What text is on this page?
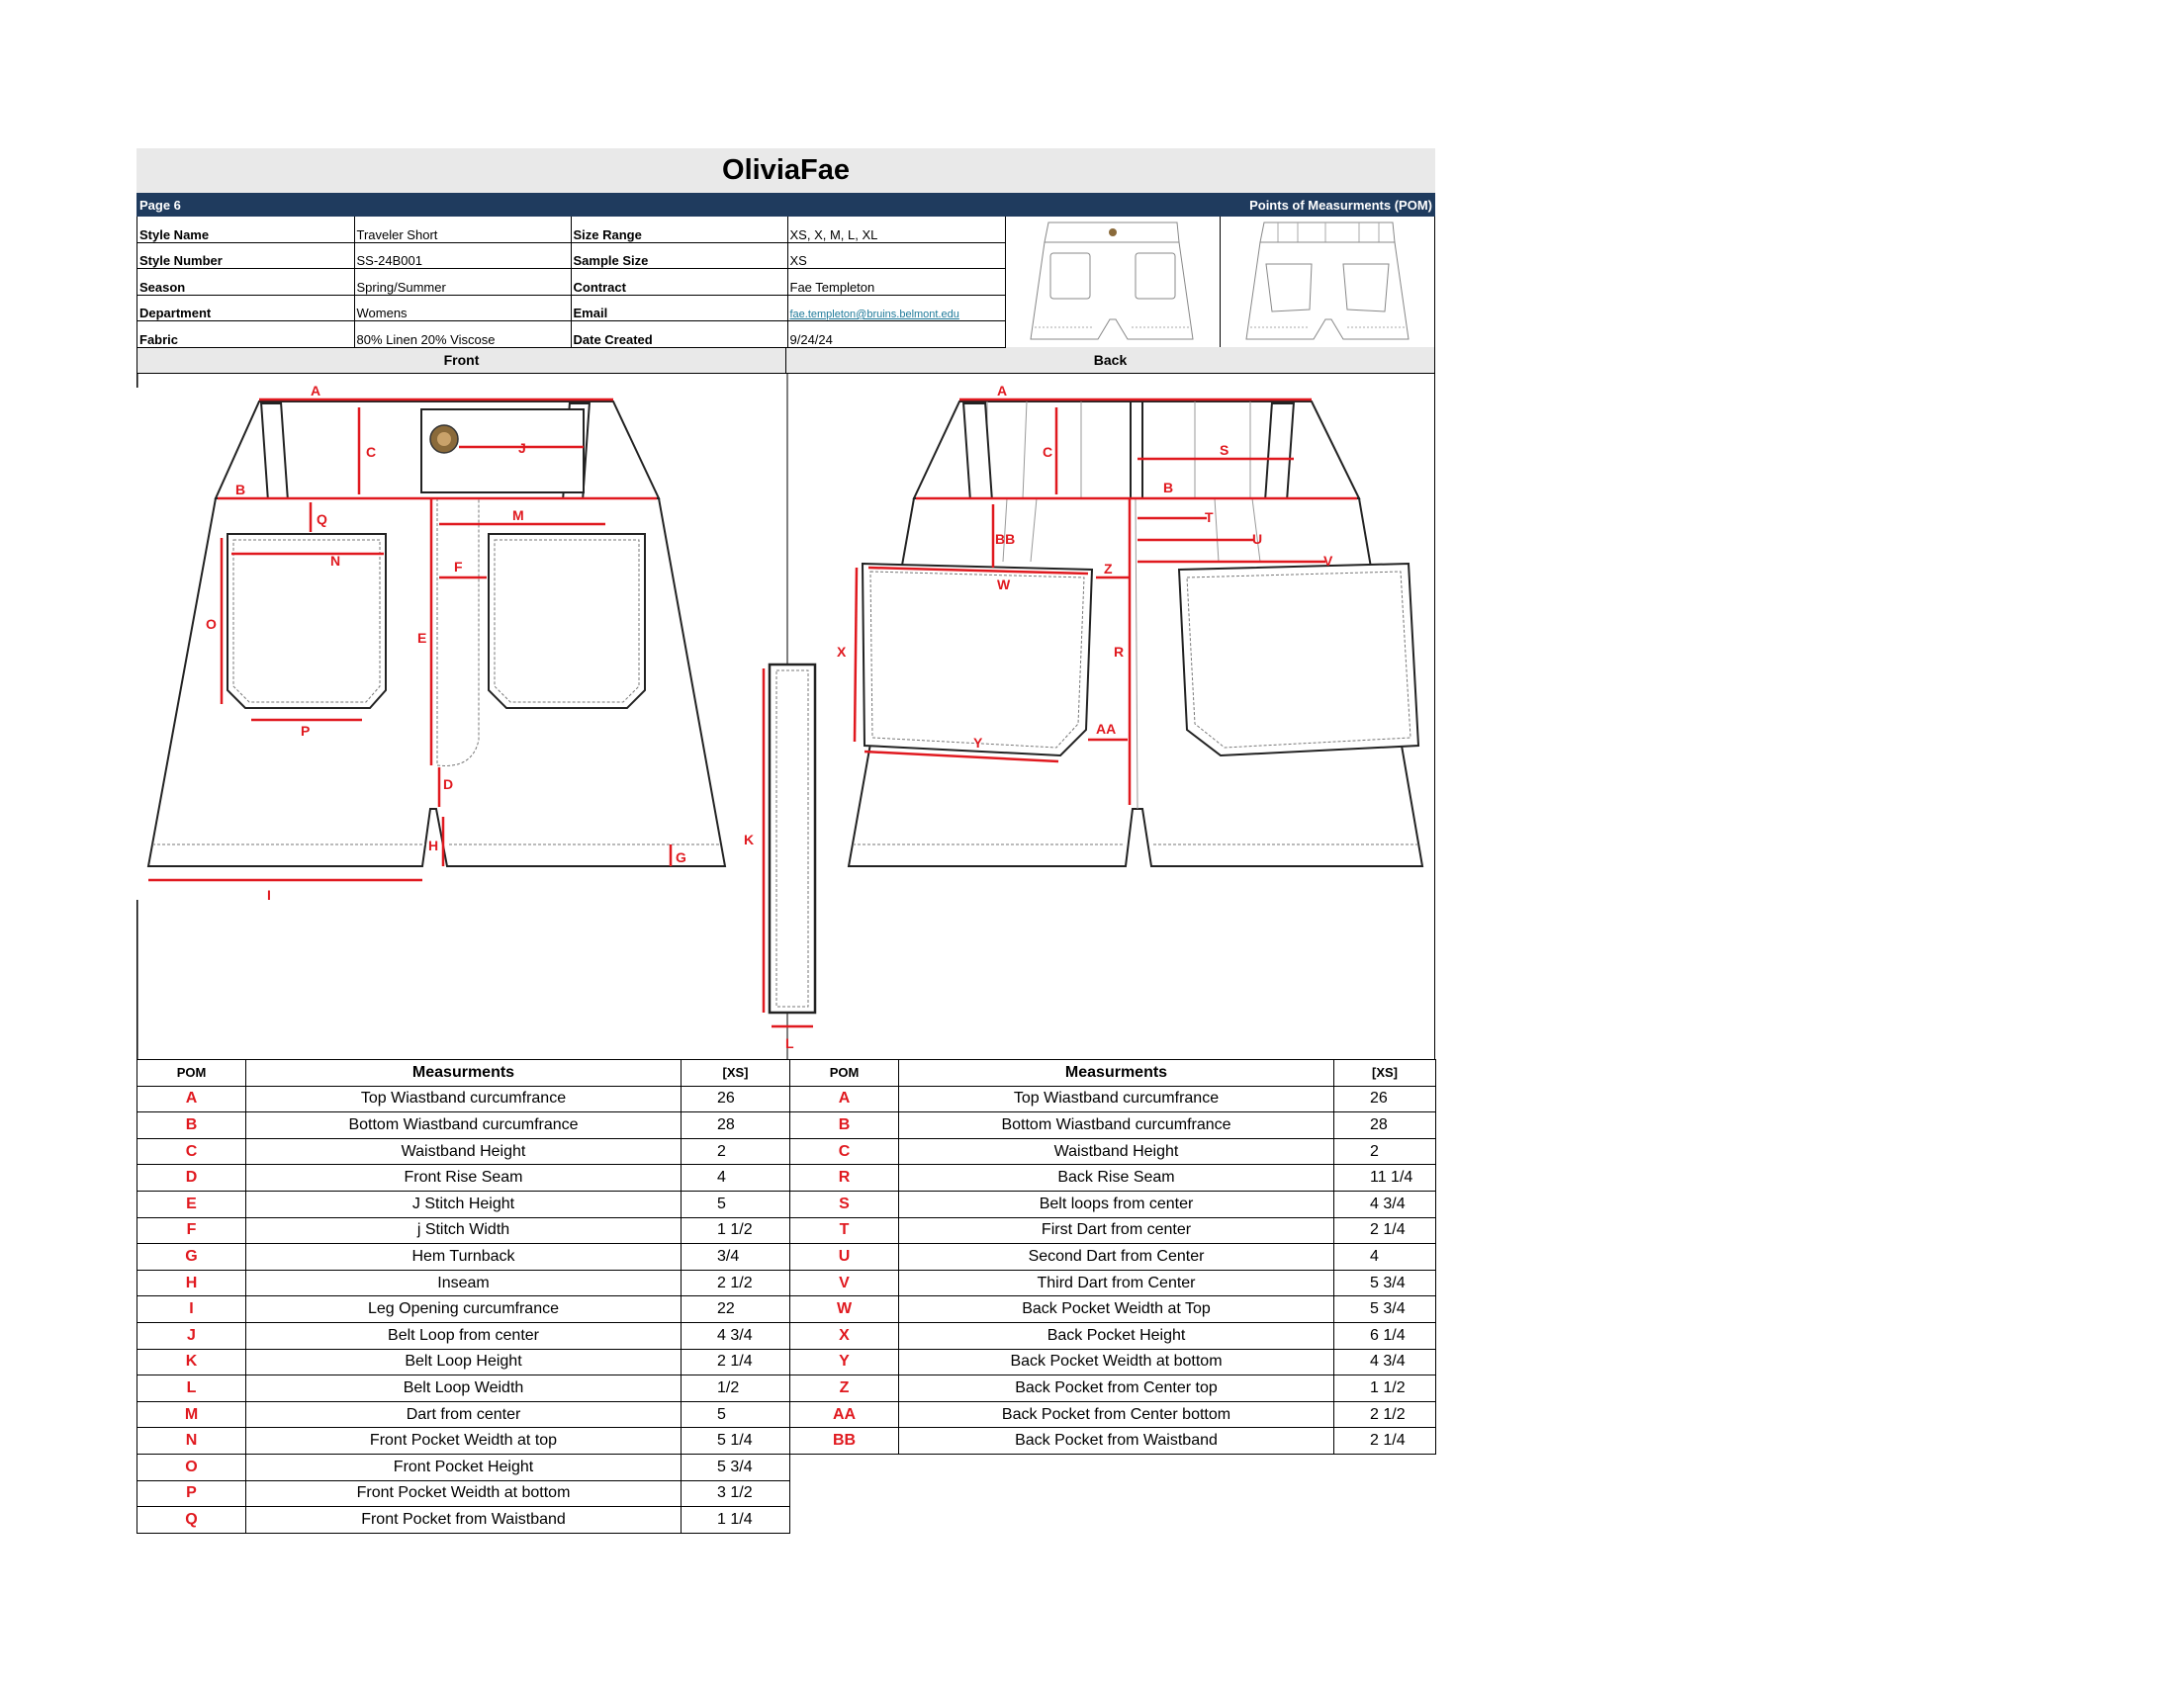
OliviaFae
Page 6	Points of Measurments (POM)
Style Name	Traveler Short	Size Range	XS, X, M, L, XL
Style Number	SS-24B001	Sample Size	XS
Season	Spring/Summer	Contract	Fae Templeton
Department	Womens	Email	fae.templeton@bruins.belmont.edu
Fabric	80% Linen 20% Viscose	Date Created	9/24/24
Front	Back
A
B
C	J
Q	M
N	F
O
E
P
D
H
I
G
K
L
A
C	S
B
T
U
BB
V
W
Z
X	R
AA
Y
POM	Measurments	[XS]
A	Top Wiastband curcumfrance	26
B	Bottom Wiastband curcumfrance	28
C	Waistband Height	2
D	Front Rise Seam	4
E	J Stitch Height	5
F	j Stitch Width	1 1/2
G	Hem Turnback	3/4
H	Inseam	2 1/2
I	Leg Opening curcumfrance	22
J	Belt Loop from center	4 3/4
K	Belt Loop Height	2 1/4
L	Belt Loop Weidth	1/2
M	Dart from center	5
N	Front Pocket Weidth at top	5 1/4
O	Front Pocket Height	5 3/4
P	Front Pocket Weidth at bottom	3 1/2
Q	Front Pocket from Waistband	1 1/4
POM	Measurments	[XS]
A	Top Wiastband curcumfrance	26
B	Bottom Wiastband curcumfrance	28
C	Waistband Height	2
R	Back Rise Seam	11 1/4
S	Belt loops from center	4 3/4
T	First Dart from center	2 1/4
U	Second Dart from Center	4
V	Third Dart from Center	5 3/4
W	Back Pocket Weidth at Top	5 3/4
X	Back Pocket Height	6 1/4
Y	Back Pocket Weidth at bottom	4 3/4
Z	Back Pocket from Center top	1 1/2
AA	Back Pocket from Center bottom	2 1/2
BB	Back Pocket from Waistband	2 1/4
